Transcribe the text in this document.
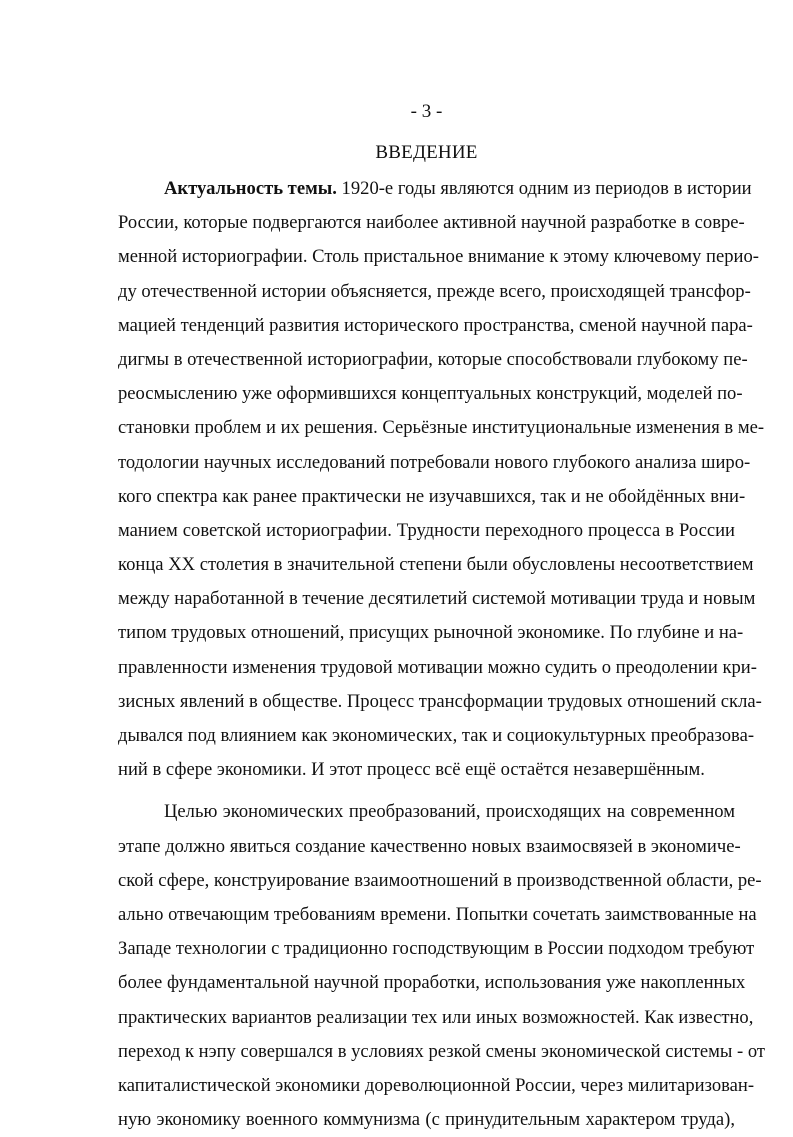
- 3 -
ВВЕДЕНИЕ
Актуальность темы. 1920-е годы являются одним из периодов в истории
России, которые подвергаются наиболее активной научной разработке в совре-
менной историографии. Столь пристальное внимание к этому ключевому перио-
ду отечественной истории объясняется, прежде всего, происходящей трансфор-
мацией тенденций развития исторического пространства, сменой научной пара-
дигмы в отечественной историографии, которые способствовали глубокому пе-
реосмыслению уже оформившихся концептуальных конструкций, моделей по-
становки проблем и их решения. Серьёзные институциональные изменения в ме-
тодологии научных исследований потребовали нового глубокого анализа широ-
кого спектра как ранее практически не изучавшихся, так и не обойдённых вни-
манием советской историографии. Трудности переходного процесса в России
конца XX столетия в значительной степени были обусловлены несоответствием
между наработанной в течение десятилетий системой мотивации труда и новым
типом трудовых отношений, присущих рыночной экономике. По глубине и на-
правленности изменения трудовой мотивации можно судить о преодолении кри-
зисных явлений в обществе. Процесс трансформации трудовых отношений скла-
дывался под влиянием как экономических, так и социокультурных преобразова-
ний в сфере экономики. И этот процесс всё ещё остаётся незавершённым.
Целью экономических преобразований, происходящих на современном
этапе должно явиться создание качественно новых взаимосвязей в экономиче-
ской сфере, конструирование взаимоотношений в производственной области, ре-
ально отвечающим требованиям времени. Попытки сочетать заимствованные на
Западе технологии с традиционно господствующим в России подходом требуют
более фундаментальной научной проработки, использования уже накопленных
практических вариантов реализации тех или иных возможностей. Как известно,
переход к нэпу совершался в условиях резкой смены экономической системы - от
капиталистической экономики дореволюционной России, через милитаризован-
ную экономику военного коммунизма (с принудительным характером труда),
